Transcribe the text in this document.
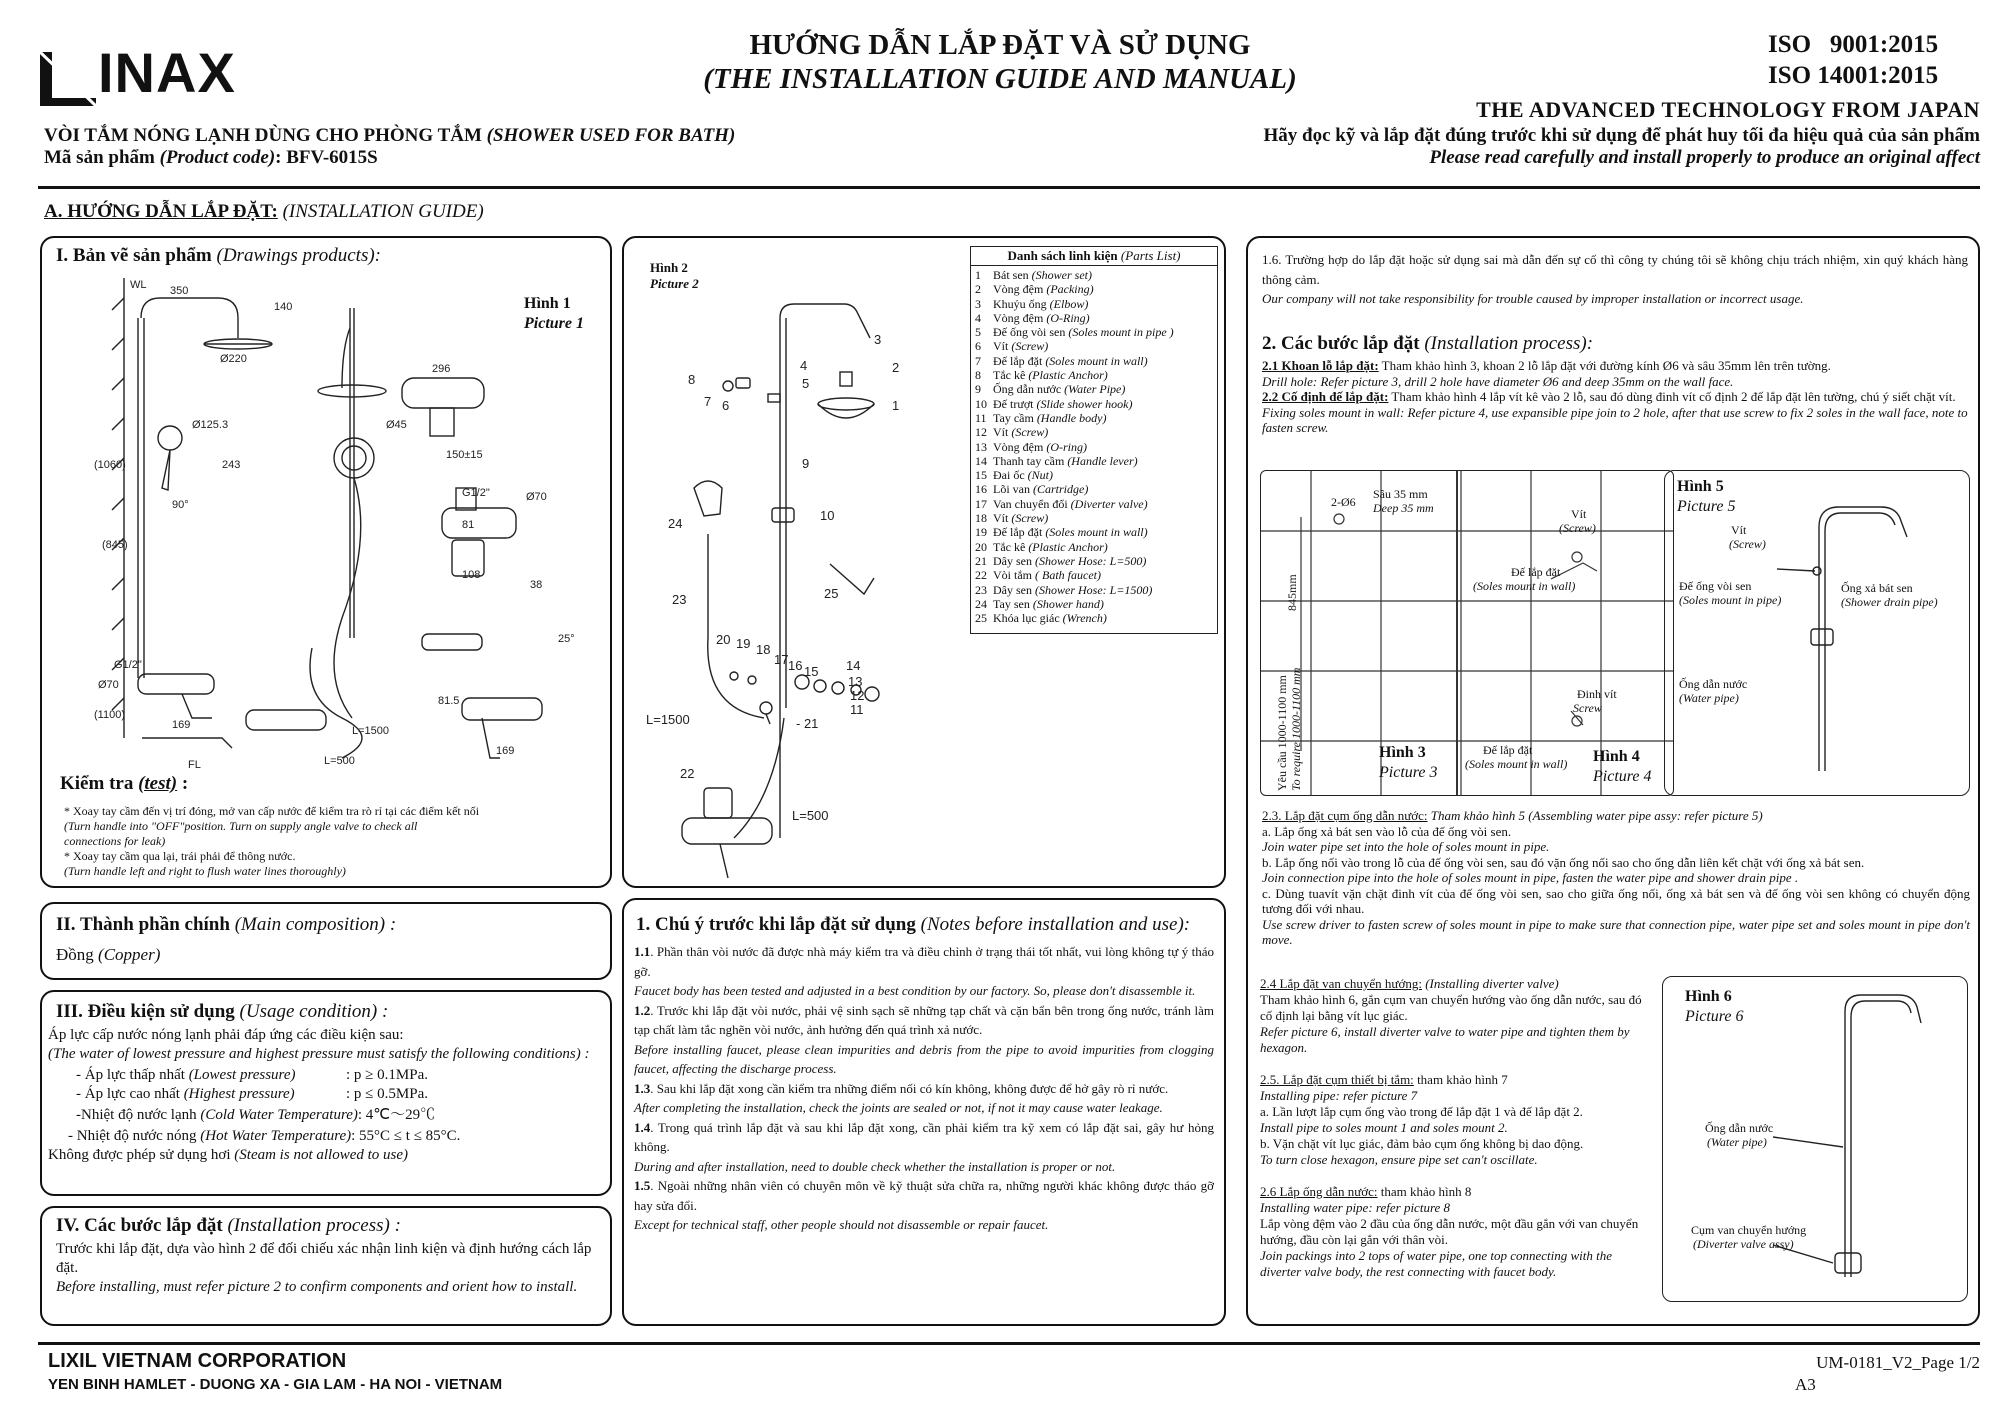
INAX	HƯỚNG DẪN LẮP ĐẶT VÀ SỬ DỤNG
(THE INSTALLATION GUIDE AND MANUAL)
ISO   9001:2015
ISO 14001:2015
THE ADVANCED TECHNOLOGY FROM JAPAN
VÒI TẮM NÓNG LẠNH DÙNG CHO PHÒNG TẮM (SHOWER USED FOR BATH)
Mã sản phẩm (Product code): BFV-6015S
Hãy đọc kỹ và lắp đặt đúng trước khi sử dụng để phát huy tối đa hiệu quả của sản phẩm
Please read carefully and install properly to produce an original affect
A. HƯỚNG DẪN LẮP ĐẶT: (INSTALLATION GUIDE)
I. Bản vẽ sản phẩm (Drawings products):
Hình 1
Picture 1
WL 350
140
Ø220
296
Ø45
150±15
G1/2"	Ø70
Ø125.3
243
(1060)
(845)
90°
81
108
38
G1/2"
Ø70
L=1500
25°
81.5
(1100)
169
169
L=500
FL
Kiểm tra (test) :
* Xoay tay cầm đến vị trí đóng, mở van cấp nước để kiểm tra rò rỉ tại các điểm kết nối
(Turn handle into "OFF"position. Turn on supply angle valve to check all
connections for leak)
* Xoay tay cầm qua lại, trái phải để thông nước.
(Turn handle left and right to flush water lines thoroughly)
Hình 2
Picture 2
Danh sách linh kiện (Parts List)
1 Bát sen (Shower set)
2 Vòng đệm (Packing)
3 Khuỷu ống (Elbow)
4 Vòng đệm (O-Ring)
5 Đế ống vòi sen (Soles mount in pipe )
6 Vít (Screw)
7 Đế lắp đặt (Soles mount in wall)
8 Tắc kê (Plastic Anchor)
9 Ống dẫn nước (Water Pipe)
10 Đế trượt (Slide shower hook)
11 Tay cầm (Handle body)
12 Vít (Screw)
13 Vòng đệm (O-ring)
14 Thanh tay cầm (Handle lever)
15 Đai ốc (Nut)
16 Lõi van (Cartridge)
17 Van chuyển đổi (Diverter valve)
18 Vít (Screw)
19 Đế lắp đặt (Soles mount in wall)
20 Tắc kê (Plastic Anchor)
21 Dây sen (Shower Hose: L=500)
22 Vòi tắm ( Bath faucet)
23 Dây sen (Shower Hose: L=1500)
24 Tay sen (Shower hand)
25 Khóa lục giác (Wrench)
3
2
4
5
1
8
7 6
9
24
10
25
23
20 19 18
17 16 15 14
13
12
11
L=1500	- 21
22
L=500
II. Thành phần chính (Main composition) :
Đồng (Copper)
III. Điều kiện sử dụng (Usage condition) :
Áp lực cấp nước nóng lạnh phải đáp ứng các điều kiện sau:
(The water of lowest pressure and highest pressure must satisfy the following conditions) :
- Áp lực thấp nhất (Lowest pressure)	: p ≥ 0.1MPa.
- Áp lực cao nhất (Highest pressure)	: p ≤ 0.5MPa.
-Nhiệt độ nước lạnh (Cold Water Temperature): 4℃〜29℃
- Nhiệt độ nước nóng (Hot Water Temperature): 55°C ≤ t ≤ 85°C.
Không được phép sử dụng hơi (Steam is not allowed to use)
IV. Các bước lắp đặt (Installation process) :
Trước khi lắp đặt, dựa vào hình 2 để đối chiếu xác nhận linh kiện và định hướng cách lắp đặt.
Before installing, must refer picture 2 to confirm components and orient how to install.
1. Chú ý trước khi lắp đặt sử dụng (Notes before installation and use):

1.1. Phần thân vòi nước đã được nhà máy kiểm tra và điều chỉnh ở trạng thái tốt nhất, vui lòng không tự ý tháo gỡ.

Faucet body has been tested and adjusted in a best condition by our factory. So, please don't disassemble it.

1.2. Trước khi lắp đặt vòi nước, phải vệ sinh sạch sẽ những tạp chất và cặn bẩn bên trong ống nước, tránh làm tạp chất làm tắc nghẽn vòi nước, ảnh hưởng đến quá trình xả nước.

Before installing faucet, please clean impurities and debris from the pipe to avoid impurities from clogging faucet, affecting the discharge process.

1.3. Sau khi lắp đặt xong cần kiểm tra những điểm nối có kín không, không được để hở gây rò rỉ nước.

After completing the installation, check the joints are sealed or not, if not it may cause water leakage.

1.4. Trong quá trình lắp đặt và sau khi lắp đặt xong, cần phải kiểm tra kỹ xem có lắp đặt sai, gây hư hỏng không.

During and after installation, need to double check whether the installation is proper or not.

1.5. Ngoài những nhân viên có chuyên môn về kỹ thuật sửa chữa ra, những người khác không được tháo gỡ hay sửa đổi.

Except for technical staff, other people should not disassemble or repair faucet.

1.6. Trường hợp do lắp đặt hoặc sử dụng sai mà dẫn đến sự cố thì công ty chúng tôi sẽ không chịu trách nhiệm, xin quý khách hàng thông cảm.

Our company will not take responsibility for trouble caused by improper installation or incorrect usage.

2. Các bước lắp đặt (Installation process):

2.1 Khoan lỗ lắp đặt: Tham khảo hình 3, khoan 2 lỗ lắp đặt với đường kính Ø6 và sâu 35mm lên trên tường.

Drill hole: Refer picture 3, drill 2 hole have diameter Ø6 and deep 35mm on the wall face.

2.2 Cố định đế lắp đặt: Tham khảo hình 4 lắp vít kê vào 2 lỗ, sau đó dùng đinh vít cố định 2 đế lắp đặt lên tường, chú ý siết chặt vít.

Fixing soles mount in wall: Refer picture 4, use expansible pipe join to 2 hole, after that use screw to fix 2 soles in the wall face, note to fasten screw.

2-Ø6
Sâu 35 mm
Deep 35 mm
845mm
Yêu cầu 1000-1100 mm To require 1000-1100 mm	Hình 3
Picture 3
Vít
(Screw)
Đế lắp đặt
(Soles mount in wall)
Đinh vít
Screw
Đế lắp đặt
(Soles mount in wall) Hình 4
Picture 4
Hình 5
Picture 5
Vít
(Screw)
Đế ống vòi sen
(Soles mount in pipe)
Ống xả bát sen
(Shower drain pipe)
Ống dẫn nước
(Water pipe)

2.3. Lắp đặt cụm ống dẫn nước: Tham khảo hình 5 (Assembling water pipe assy: refer picture 5)

a. Lắp ống xả bát sen vào lỗ của đế ống vòi sen.

Join water pipe set into the hole of soles mount in pipe.

b. Lắp ống nối vào trong lỗ của đế ống vòi sen, sau đó vặn ống nối sao cho ống dẫn liên kết chặt với ống xả bát sen.

Join connection pipe into the hole of soles mount in pipe, fasten the water pipe and shower drain pipe .

c. Dùng tuavít vặn chặt đinh vít của đế ống vòi sen, sao cho giữa ống nối, ống xả bát sen và đế ống vòi sen không có chuyển động tương đối với nhau.

Use screw driver to fasten screw of soles mount in pipe to make sure that connection pipe, water pipe set and soles mount in pipe don't move.

2.4 Lắp đặt van chuyển hướng: (Installing diverter valve)

Tham khảo hình 6, gắn cụm van chuyển hướng vào ống dẫn nước, sau đó cố định lại bằng vít lục giác.

Refer picture 6, install diverter valve to water pipe and tighten them by hexagon.

2.5. Lắp đặt cụm thiết bị tắm: tham khảo hình 7

Installing pipe: refer picture 7

a. Lần lượt lắp cụm ống vào trong đế lắp đặt 1 và đế lắp đặt 2.

Install pipe to soles mount 1 and soles mount 2.

b. Vặn chặt vít lục giác, đảm bảo cụm ống không bị dao động.

To turn close hexagon, ensure pipe set can't oscillate.

2.6 Lắp ống dẫn nước: tham khảo hình 8

Installing water pipe: refer picture 8

Lắp vòng đệm vào 2 đầu của ống dẫn nước, một đầu gắn với van chuyển hướng, đầu còn lại gắn với thân vòi.

Join packings into 2 tops of water pipe, one top connecting with the diverter valve body, the rest connecting with faucet body.

Hình 6
Picture 6
Ống dẫn nước
(Water pipe)
Cụm van chuyển hướng
(Diverter valve assy)
LIXIL VIETNAM CORPORATION
YEN BINH HAMLET - DUONG XA - GIA LAM - HA NOI - VIETNAM
UM-0181_V2_Page 1/2
A3
